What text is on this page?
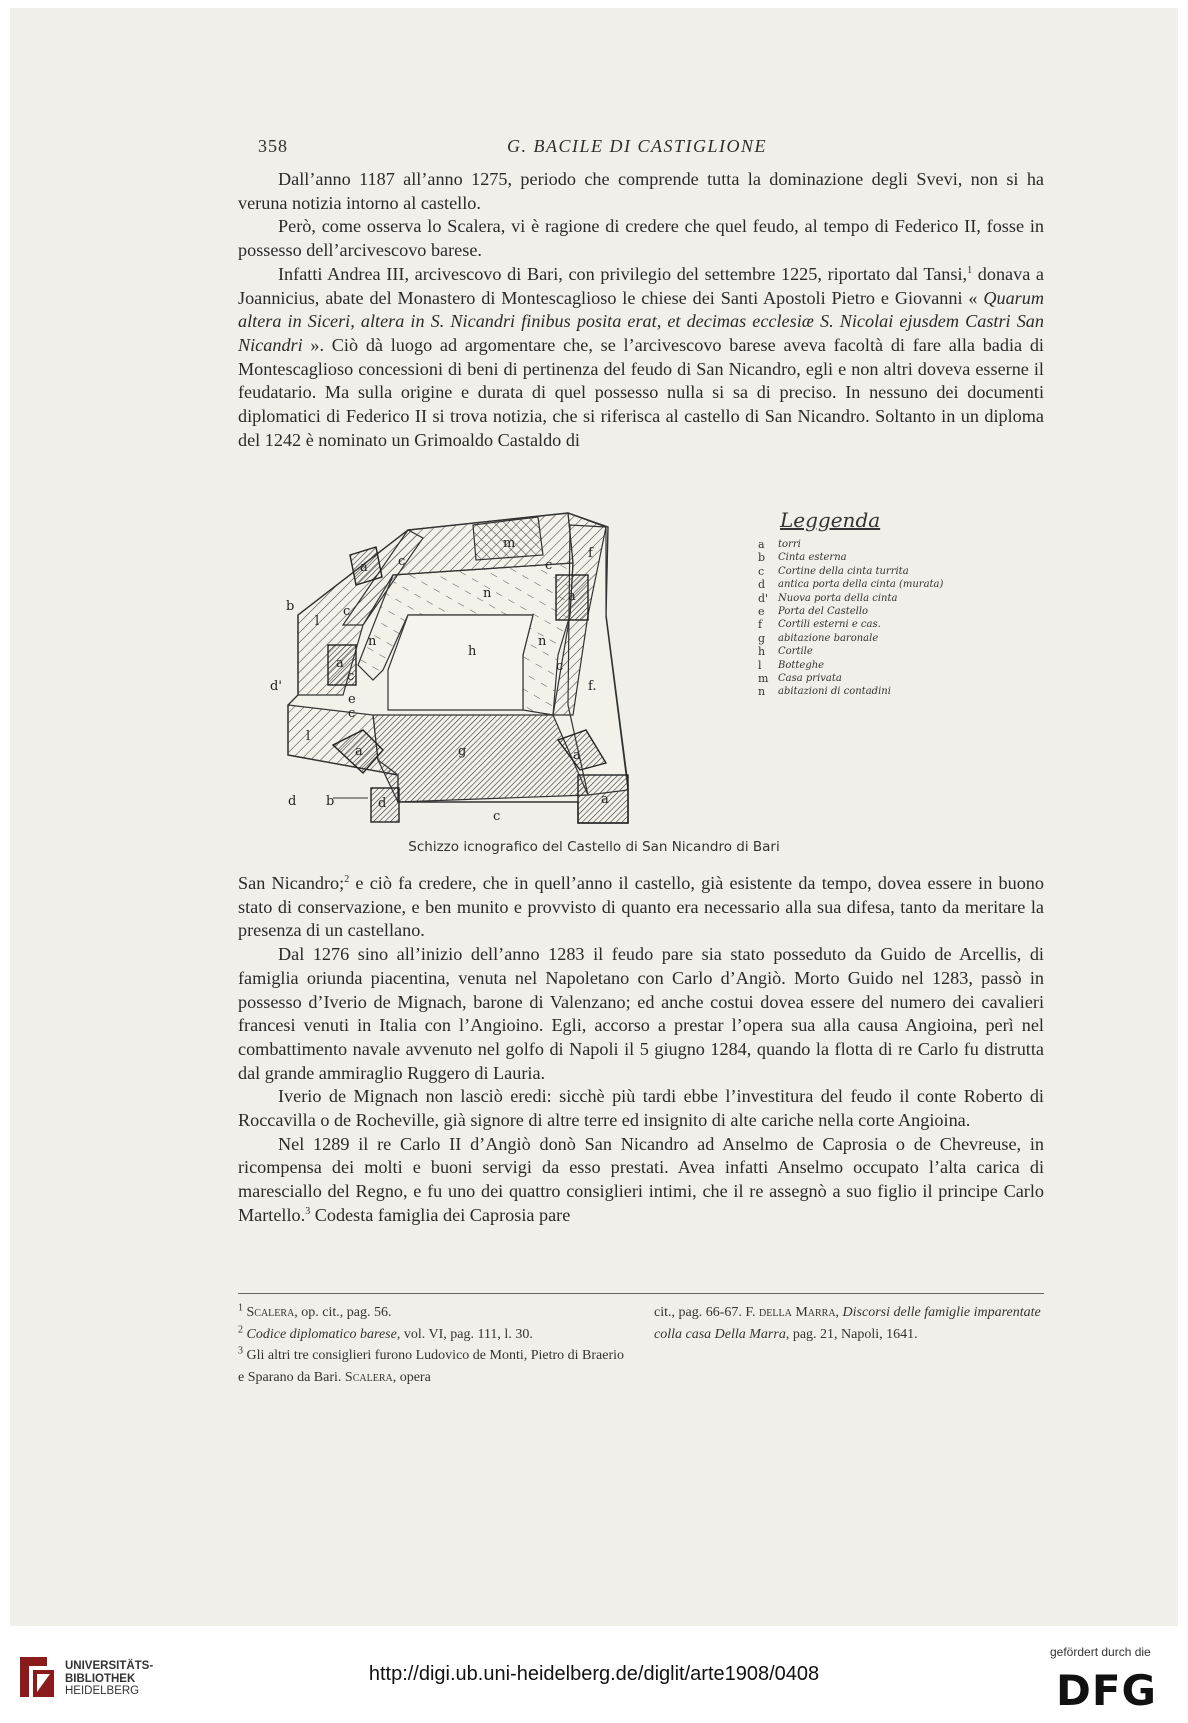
358	G. BACILE DI CASTIGLIONE

Dall’anno 1187 all’anno 1275, periodo che comprende tutta la dominazione degli Svevi, non si ha veruna notizia intorno al castello.

Però, come osserva lo Scalera, vi è ragione di credere che quel feudo, al tempo di Federico II, fosse in possesso dell’arcivescovo barese.

Infatti Andrea III, arcivescovo di Bari, con privilegio del settembre 1225, riportato dal Tansi,$^1$ donava a Joannicius, abate del Monastero di Montescaglioso le chiese dei Santi Apostoli Pietro e Giovanni « Quarum altera in Siceri, altera in S. Nicandri finibus posita erat, et decimas ecclesiæ S. Nicolai ejusdem Castri San Nicandri ». Ciò dà luogo ad argomentare che, se l’arcivescovo barese aveva facoltà di fare alla badia di Montescaglioso concessioni di beni di pertinenza del feudo di San Nicandro, egli e non altri doveva esserne il feudatario. Ma sulla origine e durata di quel possesso nulla si sa di preciso. In nessuno dei documenti diplomatici di Federico II si trova notizia, che si riferisca al castello di San Nicandro. Soltanto in un diploma del 1242 è nominato un Grimoaldo Castaldo di

m
a c	c
f
n
b	c
l
n
h
n
a
a	c
c
f.
d'
e
c
l
a	g	a
a
d b	d
c
Leggenda
a	torri
b	Cinta esterna
c	Cortine della cinta turrita
d	antica porta della cinta (murata)
d' Nuova porta della cinta
e	Porta del Castello
f	Cortili esterni e cas.
g	abitazione baronale
h	Cortile
l	Botteghe
m Casa privata
n	abitazioni di contadini
Schizzo icnografico del Castello di San Nicandro di Bari

San Nicandro;$^2$ e ciò fa credere, che in quell’anno il castello, già esistente da tempo, dovea essere in buono stato di conservazione, e ben munito e provvisto di quanto era necessario alla sua difesa, tanto da meritare la presenza di un castellano.

Dal 1276 sino all’inizio dell’anno 1283 il feudo pare sia stato posseduto da Guido de Arcellis, di famiglia oriunda piacentina, venuta nel Napoletano con Carlo d’Angiò. Morto Guido nel 1283, passò in possesso d’Iverio de Mignach, barone di Valenzano; ed anche costui dovea essere del numero dei cavalieri francesi venuti in Italia con l’Angioino. Egli, accorso a prestar l’opera sua alla causa Angioina, perì nel combattimento navale avvenuto nel golfo di Napoli il 5 giugno 1284, quando la flotta di re Carlo fu distrutta dal grande ammiraglio Ruggero di Lauria.

Iverio de Mignach non lasciò eredi: sicchè più tardi ebbe l’investitura del feudo il conte Roberto di Roccavilla o de Rocheville, già signore di altre terre ed insignito di alte cariche nella corte Angioina.

Nel 1289 il re Carlo II d’Angiò donò San Nicandro ad Anselmo de Caprosia o de Chevreuse, in ricompensa dei molti e buoni servigi da esso prestati. Avea infatti Anselmo occupato l’alta carica di maresciallo del Regno, e fu uno dei quattro consiglieri intimi, che il re assegnò a suo figlio il principe Carlo Martello.$^3$ Codesta famiglia dei Caprosia pare

$^1$ Scalera, op. cit., pag. 56.

$^2$ Codice diplomatico barese, vol. VI, pag. 111, l. 30.

$^3$ Gli altri tre consiglieri furono Ludovico de Monti, Pietro di Braerio e Sparano da Bari. Scalera, opera

cit., pag. 66-67. F. della Marra, Discorsi delle famiglie imparentate colla casa Della Marra, pag. 21, Napoli, 1641.

UNIVERSITÄTS-
BIBLIOTHEK
HEIDELBERG
http://digi.ub.uni-heidelberg.de/diglit/arte1908/0408
gefördert durch die
DFG
